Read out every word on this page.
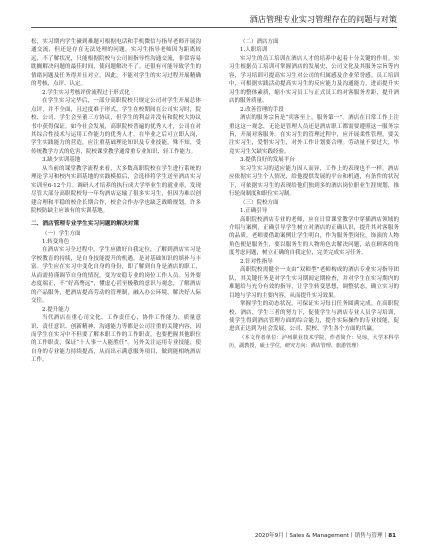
酒店管理专业实习管理存在的问题与对策

松，实习期内学生碰到难题可根据电话和手机微信与指导老师开展沟通交流，但还是存在无法处理的问题。实习生指导老师因为距离较远，不了解状况，只能根据院校与公司间指导性沟通交流，非常容易耽搁解决问题的最佳时间，使问题解决不了。还很有可能导致学生的情绪问题及任务得并且对立，因此，不能对学生的实习过程开展精确的考核、点评、认定。

2.学生实习考核评价流程过于形式化

在学生实习完毕后，一部分高职院校只规定公司对学生开展总体点评，并不全面，且过度难于形式，学生在校期间在公司实习时，院校、公司、学生会至董三方协议，但学生的利益并没有和院校大协议书中获得保证。如今社会发展，高职院校普遍的优秀人才，公司在对其综合性技术与运用工作能力的优秀人才，在毕业之后可立即入岗，学生实践能力的营造，应注重基础理论知识及专业技能，殊不知，受传统教学方式的危害，院校课堂教学通常重专业知识、轻工作能力。

3.缺少实训基地

从当前的课堂教学流程来看，大多数高职院校在学生进行系统的理论学习和校内实训基地的实践模拟后，会选择将学生送至酒店实习实训至6-12个月。调研人才培养的执行成大学毕业生的就业率，发现尽管大部分高职院校每一年均酒店运输了很多实习生，但因为难以创建合理和平稳的校企长期合作，校企合作办学也缺乏战略规划，许多院校防缺主应该有的实训基地。

二、酒店管理专业学生实习问题的解决对策

（一）学生方面

1.转变角色

在酒店实习全过程中，学生应做好自我定位，了解到酒店实习是学校教育的持续，是自身技能提升的机遇。是对基础知识的填补与丰富。学生应在实习中变化自身的身份，即了解到自身是酒店的职工，从而需持谨调节自身的情况，变为安稳专业的岗位工作人员。另外要态度端正，不“好高骛远”，懂虚心甚至极敬的意识与观念，了解酒店的产品服务，把酒店提高劳动的管理制，融入办公环境，解决好人际交往。

2.提升能力

当代酒店在重心司文化、工作责任心、协作工作能力、质量意识、责任意识、创新精神、沟通能力等都是公司注重的关键内容，因而学生在实习中不但要了解本职工作的工作职责，也要把握其他职位的工作职责，保证“十人事一人能胜任”。另外关注运用专业技能，使自身的专业能力持续提高，从而出示满意服务项目，做到能相统酒店工作。

（二）酒店方面

1.人职培训

实习生的员工培训在酒店人才的培养中起着十分关键的作用。实习生根据员工培训可掌握酒店的发展史、公司文化及其服务宗旨等内容，学习培训可提高实习生对公司的归属感及企业荣誉感。员工培训中，可根据实践活动提高实习生的反应能力及沟通能力，进而提升实习生的整体素质，缩小实习员工与正式员工的对客服务差距，提升酒店的服务质量。

2.改善管理的手段

酒店的服务宗旨是“宾客至上，服务第一”。酒店在日常工作上注重这这一观念，无论是管理人员还是酒店职工都需要遵照这一服务宗旨，开展对客服务。在实习生的管理过程中，应开展柔性管理，要关注实习生，爱惜实习生，对外工作计划要合理。劳动量不要过大，毕竟实习生欠缺实践经验。

3.提供良好的发展平台

实习生实习的适应能力因人而异，工作上的表现也不一样。酒店应依据实习生个人情况，给他提供发展的平台和机遇，有条件的状况下，可依据实习生的表现给他们独到多的酒店岗位职业生涯规划，推行轮岗制度和职位实习制。

（三）院校方面

1.正确引导

高职院校酒店专业的老师，应在日常课堂教学中穿插酒店领域的介绍与案例，正确引导学生树立对酒店的正确认识，提升其对客服务的品质。老师要借助案例让学生明白，作为服务型岗位，饰演的人物角色便是服务生，要以服务生的人物角色去解决问题，站在顾客的角度考虑问题，树立正确的自我定位，完美完成实习任务。

2.针对性指导

高职院校需健全一支由“双师型”老师构成的酒店专业实习指导团队，其关键任务是对学生实习期间定期检查，并对学生在实习期内的难题给与充分有效的指导，让学生转变思想，调整状态，确立实习的目地与学习的主要内容，从而提升实习效果。

掌握学生的动态状况，可保证实习每日任务圆满完成。在高职院校、酒店、学生三者的努力下，促使学生与酒店专业人员学习培训，使学生得到酒店管理方面的综合能力，提升实际操作的专业技能，促进真正达到为社会发展、公司、院校、学生各个方面的共赢。

（本文作者单位：泸州职业技术学院，作者简介：吴琼，大学本科学历，副教授，硕士学位，研究方向：酒店管理、旅游管理）

2020年9月丨Sales & Management丨销售与管理丨81
